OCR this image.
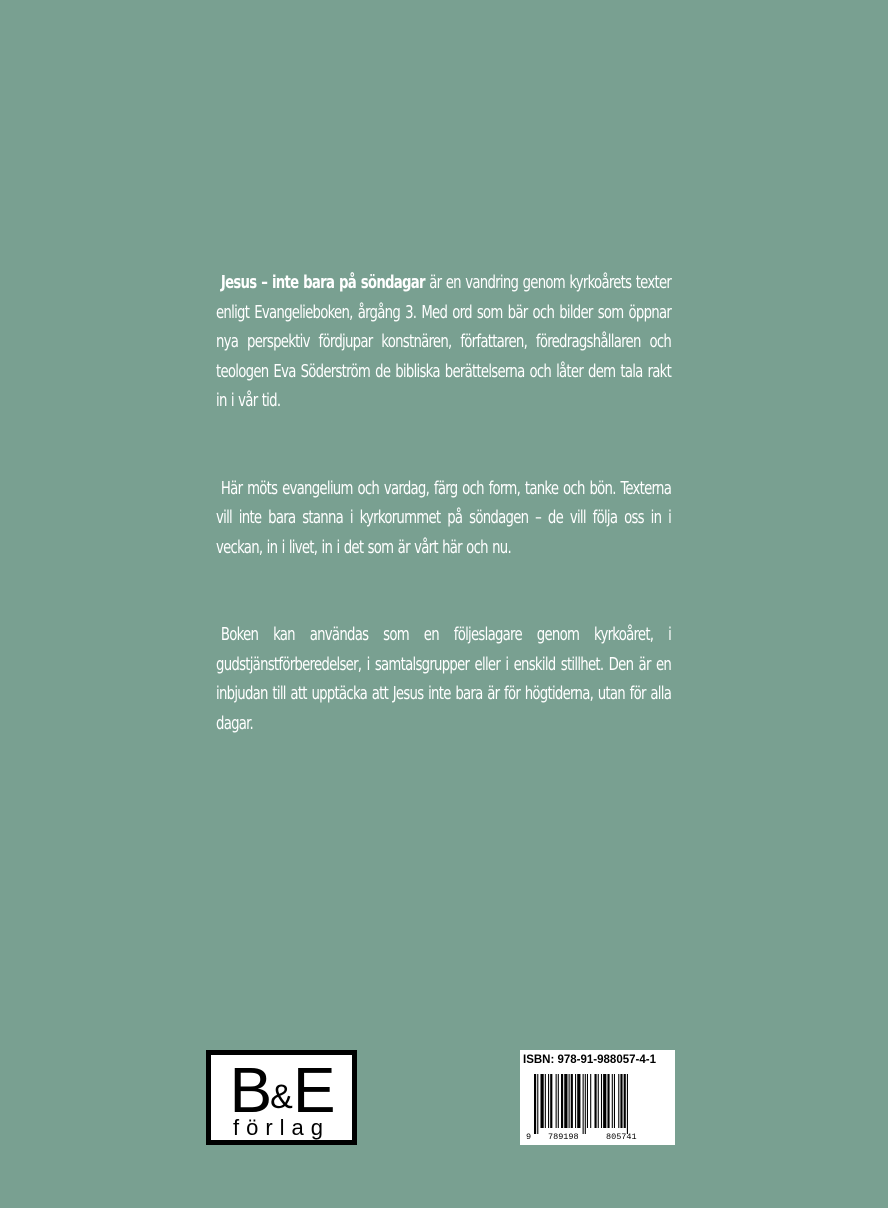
Jesus – inte bara på söndagar är en vandring genom kyrkoårets texter enligt Evangelieboken, årgång 3. Med ord som bär och bilder som öppnar nya perspektiv fördjupar konstnären, författaren, föredragshållaren och teologen Eva Söderström de bibliska berättelserna och låter dem tala rakt in i vår tid.

Här möts evangelium och vardag, färg och form, tanke och bön. Texterna vill inte bara stanna i kyrkorummet på söndagen – de vill följa oss in i veckan, in i livet, in i det som är vårt här och nu.

Boken kan användas som en följeslagare genom kyrkoåret, i gudstjänstförberedelser, i samtalsgrupper eller i enskild stillhet. Den är en inbjudan till att upptäcka att Jesus inte bara är för högtiderna, utan för alla dagar.

B&E
förlag
ISBN: 978-91-988057-4-1
9 789198	805741
